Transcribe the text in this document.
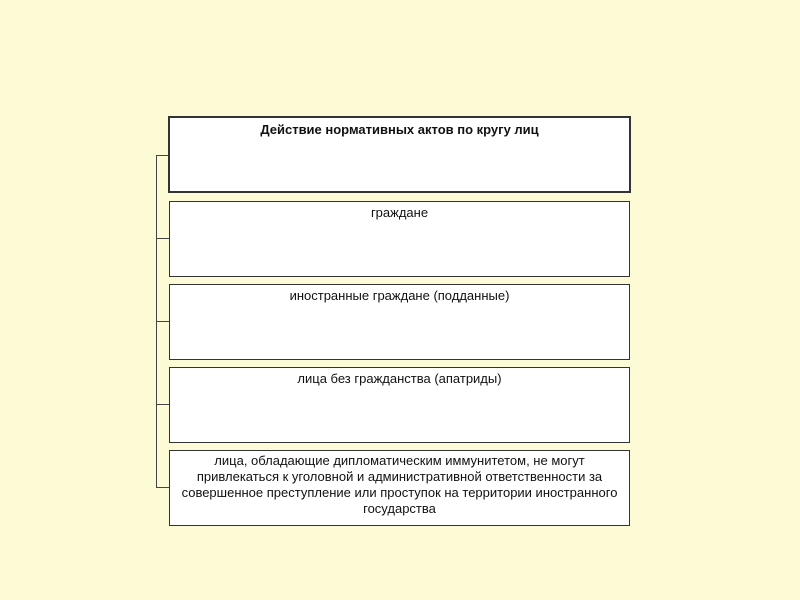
Действие нормативных актов по кругу лиц
граждане
иностранные граждане (подданные)
лица без гражданства (апатриды)
лица, обладающие дипломатическим иммунитетом, не могут привлекаться к уголовной и административной ответственности за совершенное преступление или проступок на территории иностранного государства
